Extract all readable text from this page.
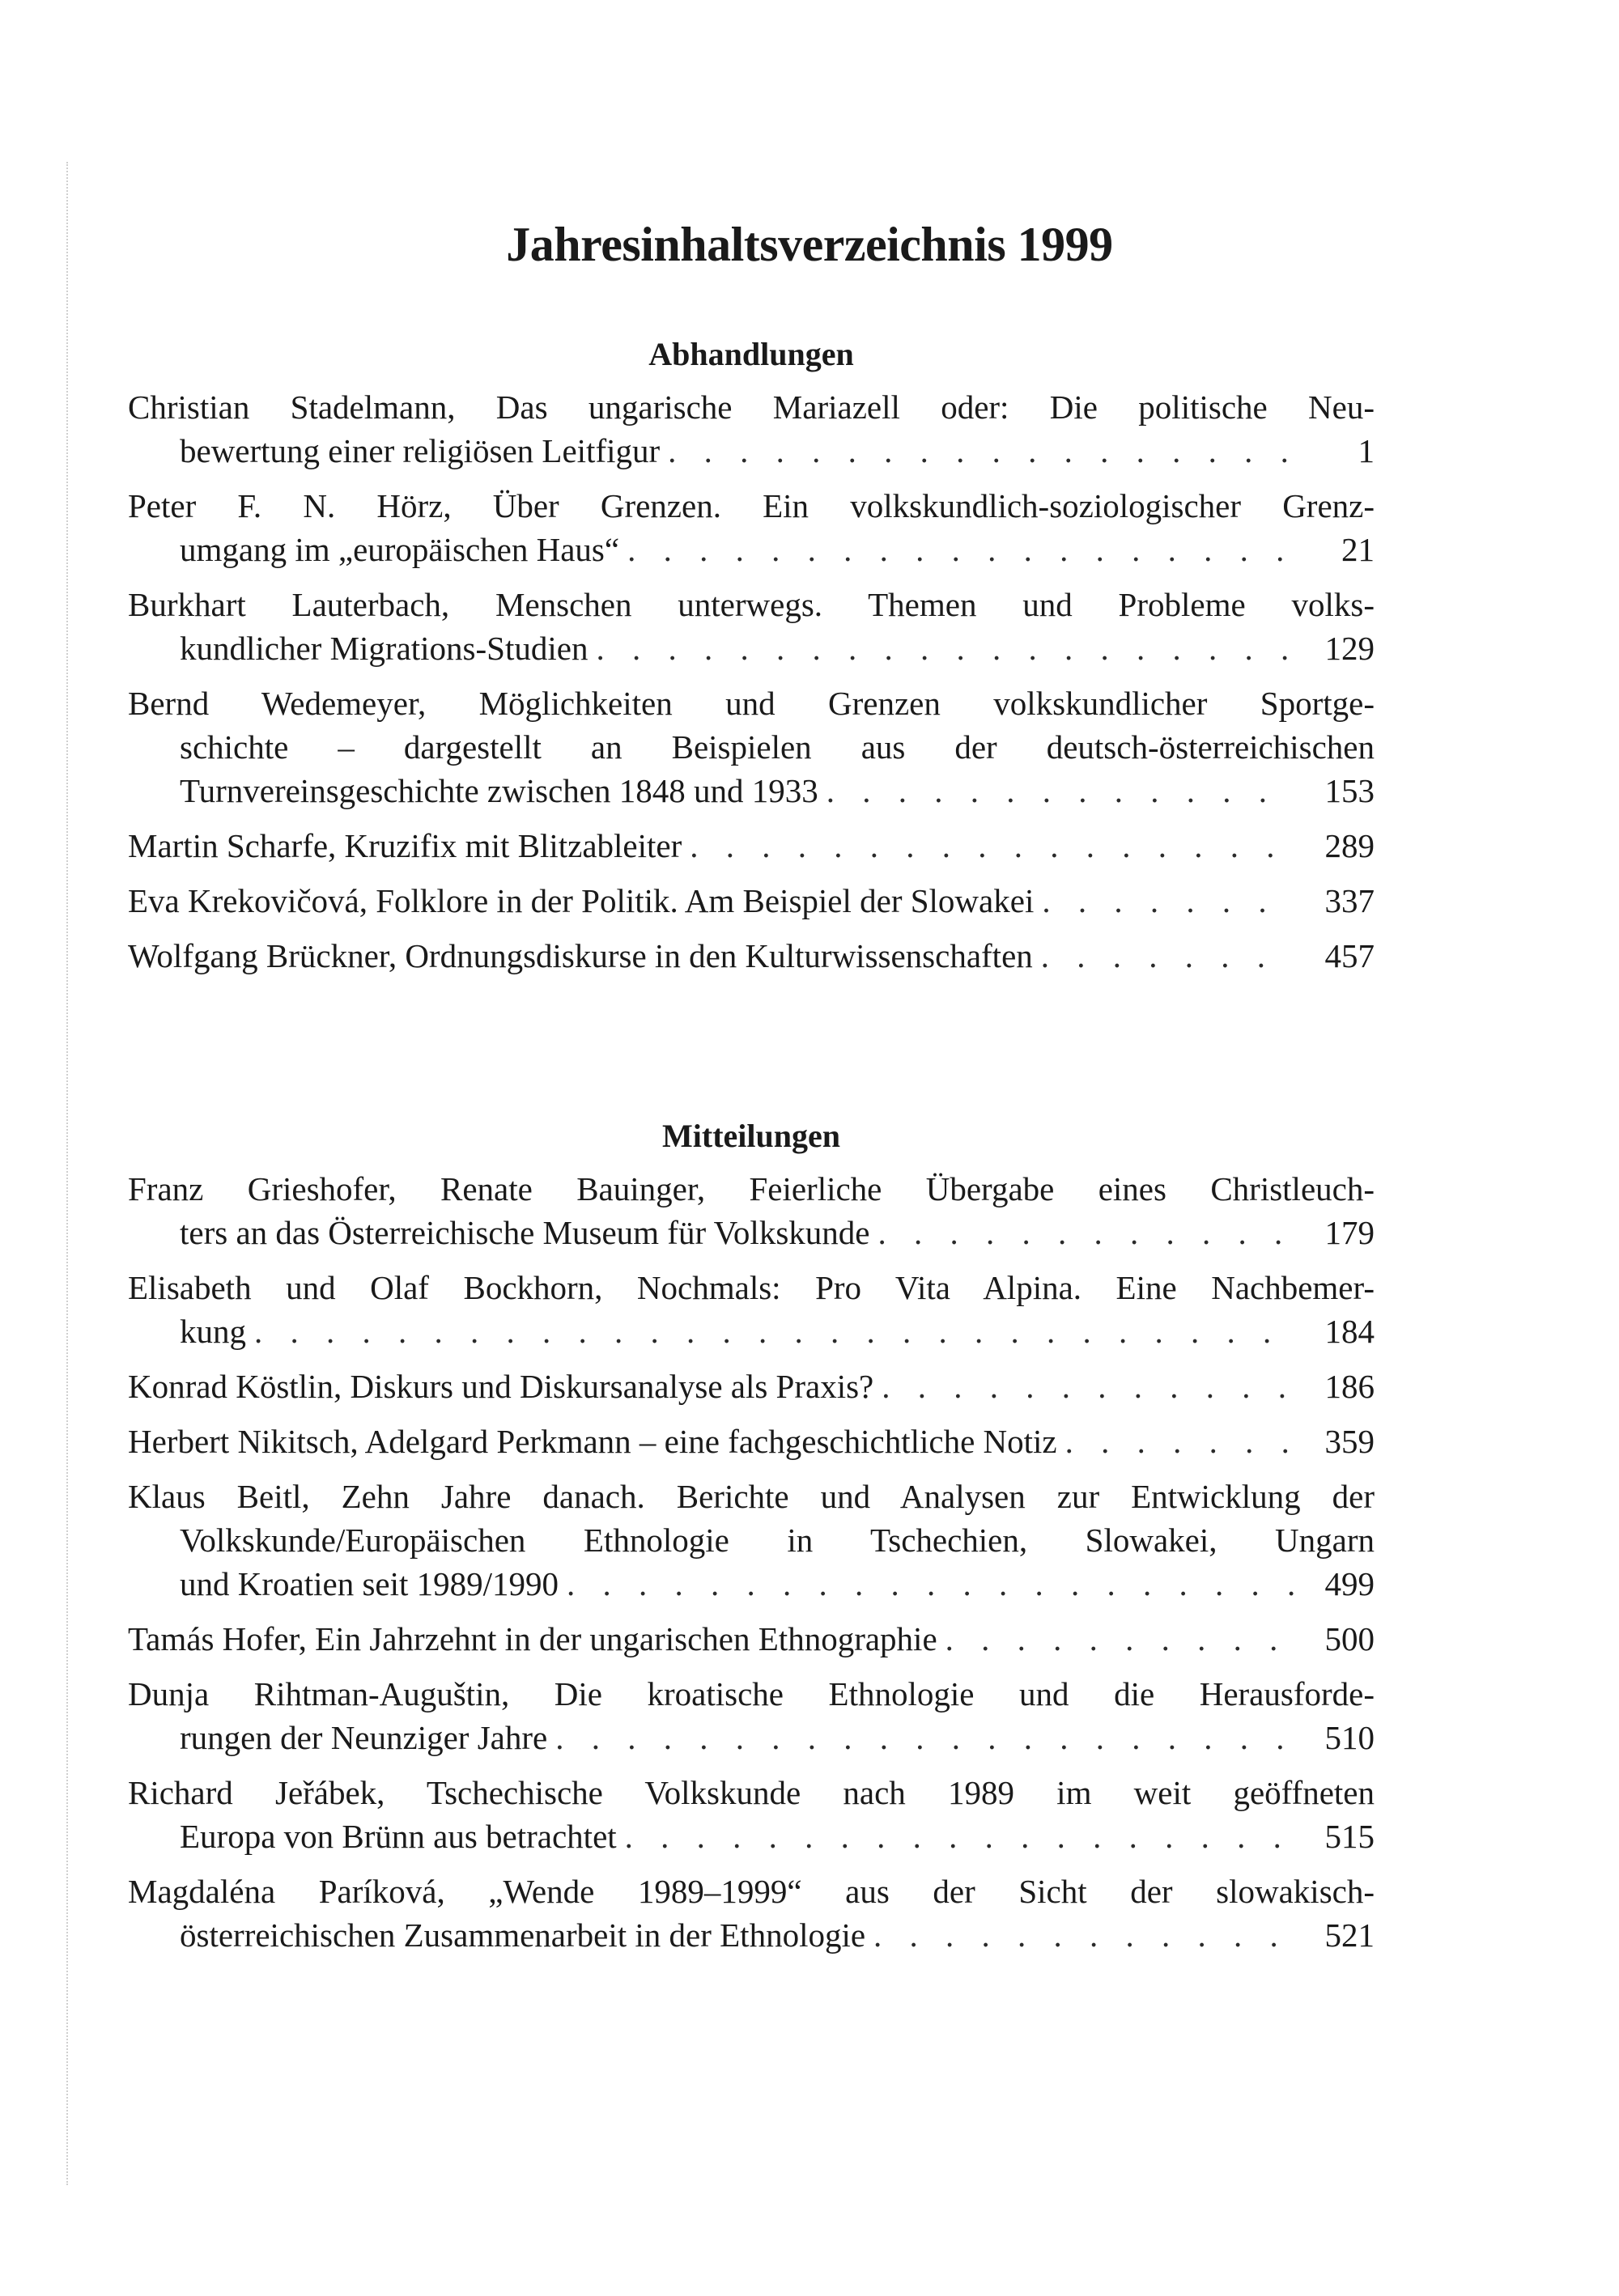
Jahresinhaltsverzeichnis 1999
Abhandlungen
Christian Stadelmann, Das ungarische Mariazell oder: Die politische Neu-
bewertung einer religiösen Leitfigur . . .	1
Peter F. N. Hörz, Über Grenzen. Ein volkskundlich-soziologischer Grenz-
umgang im „europäischen Haus“ . . .	21
Burkhart Lauterbach, Menschen unterwegs. Themen und Probleme volks-
kundlicher Migrations-Studien . . .	129
Bernd Wedemeyer, Möglichkeiten und Grenzen volkskundlicher Sportge-
schichte – dargestellt an Beispielen aus der deutsch-österreichischen
Turnvereinsgeschichte zwischen 1848 und 1933 . . .	153
Martin Scharfe, Kruzifix mit Blitzableiter . . .	289
Eva Krekovičová, Folklore in der Politik. Am Beispiel der Slowakei . . .	337
Wolfgang Brückner, Ordnungsdiskurse in den Kulturwissenschaften . . .	457
Mitteilungen
Franz Grieshofer, Renate Bauinger, Feierliche Übergabe eines Christleuch-
ters an das Österreichische Museum für Volkskunde . . .	179
Elisabeth und Olaf Bockhorn, Nochmals: Pro Vita Alpina. Eine Nachbemer-
kung . . .	184
Konrad Köstlin, Diskurs und Diskursanalyse als Praxis? . . .	186
Herbert Nikitsch, Adelgard Perkmann – eine fachgeschichtliche Notiz . . .	359
Klaus Beitl, Zehn Jahre danach. Berichte und Analysen zur Entwicklung der
Volkskunde/Europäischen Ethnologie in Tschechien, Slowakei, Ungarn
und Kroatien seit 1989/1990 . . .	499
Tamás Hofer, Ein Jahrzehnt in der ungarischen Ethnographie . . .	500
Dunja Rihtman-Auguštin, Die kroatische Ethnologie und die Herausforde-
rungen der Neunziger Jahre . . .	510
Richard Jeřábek, Tschechische Volkskunde nach 1989 im weit geöffneten
Europa von Brünn aus betrachtet . . .	515
Magdaléna Paríková, „Wende 1989–1999“ aus der Sicht der slowakisch-
österreichischen Zusammenarbeit in der Ethnologie . . .	521
